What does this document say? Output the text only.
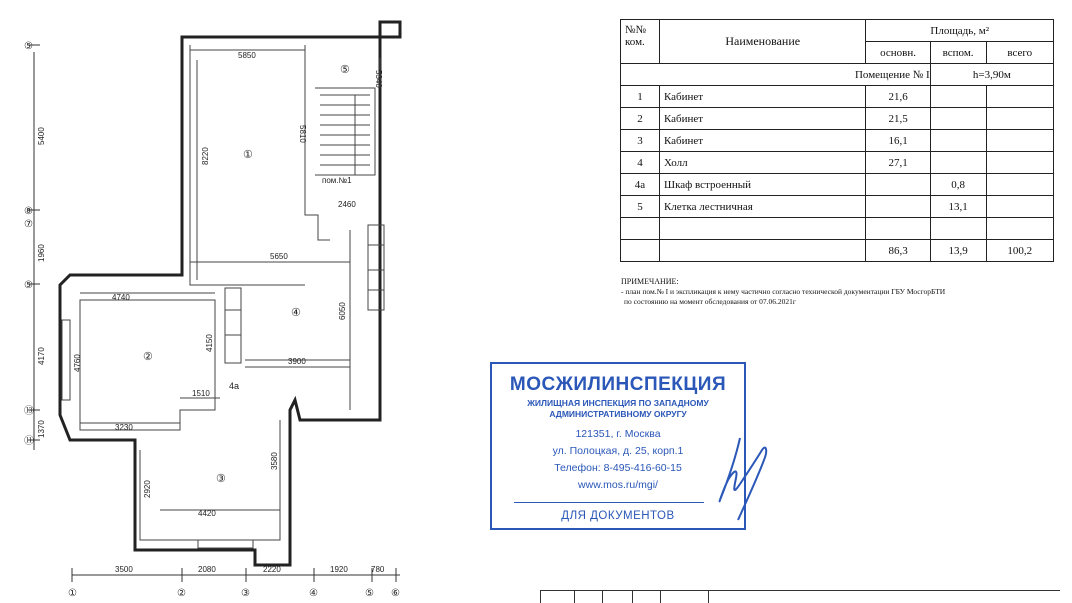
①	②	③	④	⑤ ⑥
⑤
⑧
⑦
⑤
⑬
⑪
5400
1960
4170
1370
3500	2080	2220	1920	780
5850
5340
5810
8220
5650
4740
6050
4760
4150
3900
1510
3230
3580
2920
4420
2460
①
②
③
④
⑤
4а
пом.№1
№№ ком.	Наименование	Площадь, м²		
		основн.	вспом.	всего
Помещение № I			h=3,90м	
1	Кабинет	21,6		
2	Кабинет	21,5		
3	Кабинет	16,1		
4	Холл	27,1		
4а	Шкаф встроенный		0,8	
5	Клетка лестничная		13,1	

		86,3	13,9	100,2
ПРИМЕЧАНИЕ:
- план пом.№ I и экспликация к нему частично согласно технической документации ГБУ МосгорБТИ
по состоянию на момент обследования от 07.06.2021г
МОСЖИЛИНСПЕКЦИЯ
ЖИЛИЩНАЯ ИНСПЕКЦИЯ ПО ЗАПАДНОМУ
АДМИНИСТРАТИВНОМУ ОКРУГУ
121351, г. Москва
ул. Полоцкая, д. 25, корп.1
Телефон: 8-495-416-60-15
www.mos.ru/mgi/
ДЛЯ ДОКУМЕНТОВ
